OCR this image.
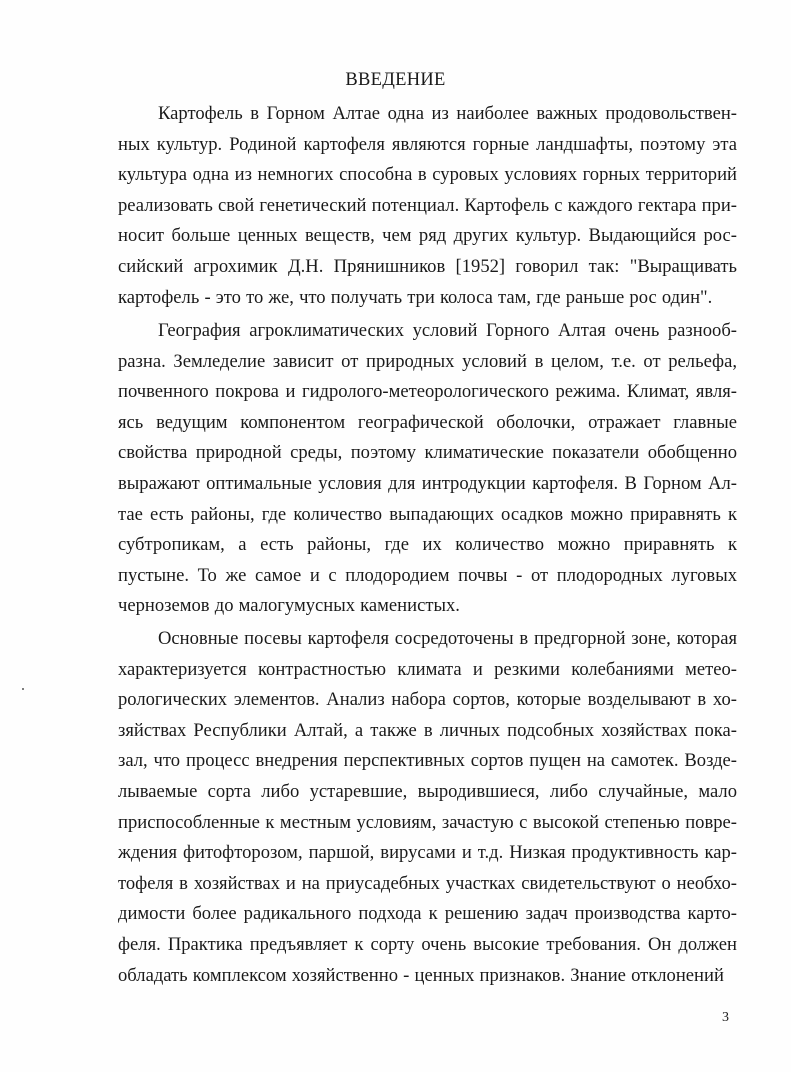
ВВЕДЕНИЕ

Картофель в Горном Алтае одна из наиболее важных продовольственных культур. Родиной картофеля являются горные ландшафты, поэтому эта культура одна из немногих способна в суровых условиях горных территорий реализовать свой генетический потенциал. Картофель с каждого гектара приносит больше ценных веществ, чем ряд других культур. Выдающийся российский агрохимик Д.Н. Прянишников [1952] говорил так: "Выращивать картофель - это то же, что получать три колоса там, где раньше рос один".

География агроклиматических условий Горного Алтая очень разнообразна. Земледелие зависит от природных условий в целом, т.е. от рельефа, почвенного покрова и гидролого-метеорологического режима. Климат, являясь ведущим компонентом географической оболочки, отражает главные свойства природной среды, поэтому климатические показатели обобщенно выражают оптимальные условия для интродукции картофеля. В Горном Алтае есть районы, где количество выпадающих осадков можно приравнять к субтропикам, а есть районы, где их количество можно приравнять к пустыне. То же самое и с плодородием почвы - от плодородных луговых черноземов до малогумусных каменистых.

Основные посевы картофеля сосредоточены в предгорной зоне, которая характеризуется контрастностью климата и резкими колебаниями метеорологических элементов. Анализ набора сортов, которые возделывают в хозяйствах Республики Алтай, а также в личных подсобных хозяйствах показал, что процесс внедрения перспективных сортов пущен на самотек. Возделываемые сорта либо устаревшие, выродившиеся, либо случайные, мало приспособленные к местным условиям, зачастую с высокой степенью повреждения фитофторозом, паршой, вирусами и т.д. Низкая продуктивность картофеля в хозяйствах и на приусадебных участках свидетельствуют о необходимости более радикального подхода к решению задач производства картофеля. Практика предъявляет к сорту очень высокие требования. Он должен обладать комплексом хозяйственно - ценных признаков. Знание отклонений

3
